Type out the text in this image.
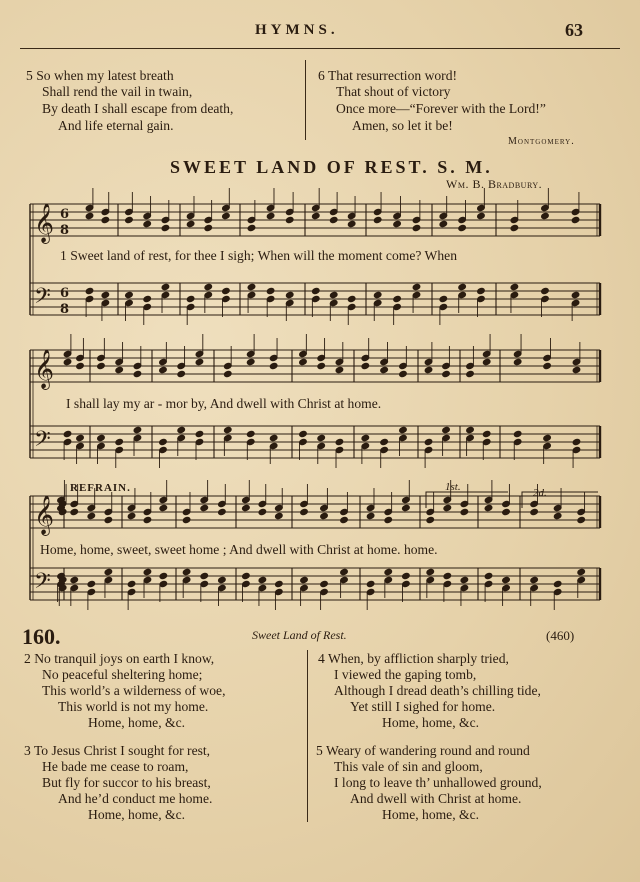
HYMNS.	63
5 So when my latest breath
Shall rend the vail in twain,
By death I shall escape from death,
And life eternal gain.
6 That resurrection word!
That shout of victory
Once more—“Forever with the Lord!”
Amen, so let it be!
Montgomery.
SWEET LAND OF REST. S. M.
Wm. B. Bradbury.
𝄞
𝄢
6
8
6
8
𝄞
𝄢
𝄞
𝄢
1 Sweet land of rest, for thee I sigh; When will the moment come? When
I shall lay my ar - mor by, And dwell with Christ at home.
REFRAIN.	1st.	2d.
Home, home, sweet, sweet home ; And dwell with Christ at home. home.
160.	Sweet Land of Rest.	(460)
2 No tranquil joys on earth I know,
No peaceful sheltering home;
This world’s a wilderness of woe,
This world is not my home.
Home, home, &c.
3 To Jesus Christ I sought for rest,
He bade me cease to roam,
But fly for succor to his breast,
And he’d conduct me home.
Home, home, &c.
4 When, by affliction sharply tried,
I viewed the gaping tomb,
Although I dread death’s chilling tide,
Yet still I sighed for home.
Home, home, &c.
5 Weary of wandering round and round
This vale of sin and gloom,
I long to leave th’ unhallowed ground,
And dwell with Christ at home.
Home, home, &c.
